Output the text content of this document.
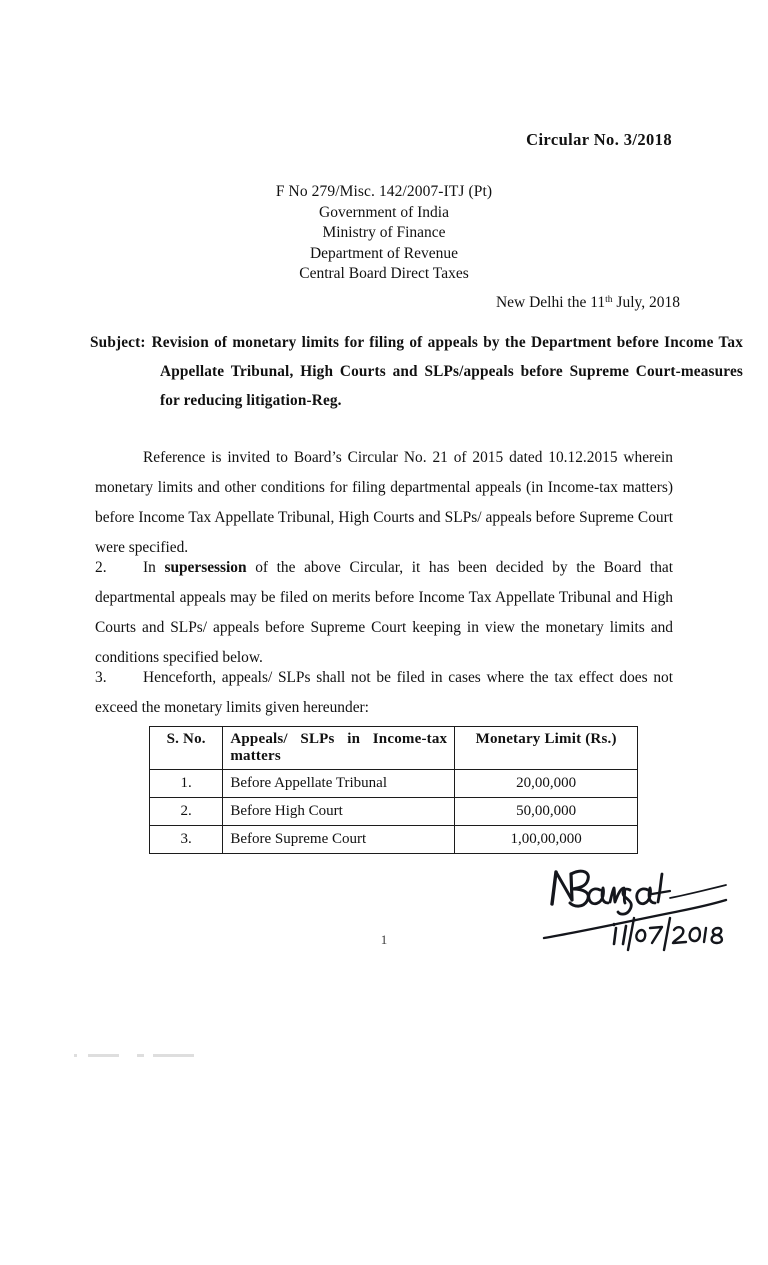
Circular No. 3/2018
F No 279/Misc. 142/2007-ITJ (Pt)
Government of India
Ministry of Finance
Department of Revenue
Central Board Direct Taxes
New Delhi the 11th July, 2018
Subject: Revision of monetary limits for filing of appeals by the Department before Income Tax Appellate Tribunal, High Courts and SLPs/appeals before Supreme Court-measures for reducing litigation-Reg.
Reference is invited to Board’s Circular No. 21 of 2015 dated 10.12.2015 wherein monetary limits and other conditions for filing departmental appeals (in Income-tax matters) before Income Tax Appellate Tribunal, High Courts and SLPs/ appeals before Supreme Court were specified.
2. In supersession of the above Circular, it has been decided by the Board that departmental appeals may be filed on merits before Income Tax Appellate Tribunal and High Courts and SLPs/ appeals before Supreme Court keeping in view the monetary limits and conditions specified below.
3. Henceforth, appeals/ SLPs shall not be filed in cases where the tax effect does not exceed the monetary limits given hereunder:
S. No.	Appeals/ SLPs in Income-tax matters	Monetary Limit (Rs.)
1.	Before Appellate Tribunal	20,00,000
2.	Before High Court	50,00,000
3.	Before Supreme Court	1,00,00,000
1
